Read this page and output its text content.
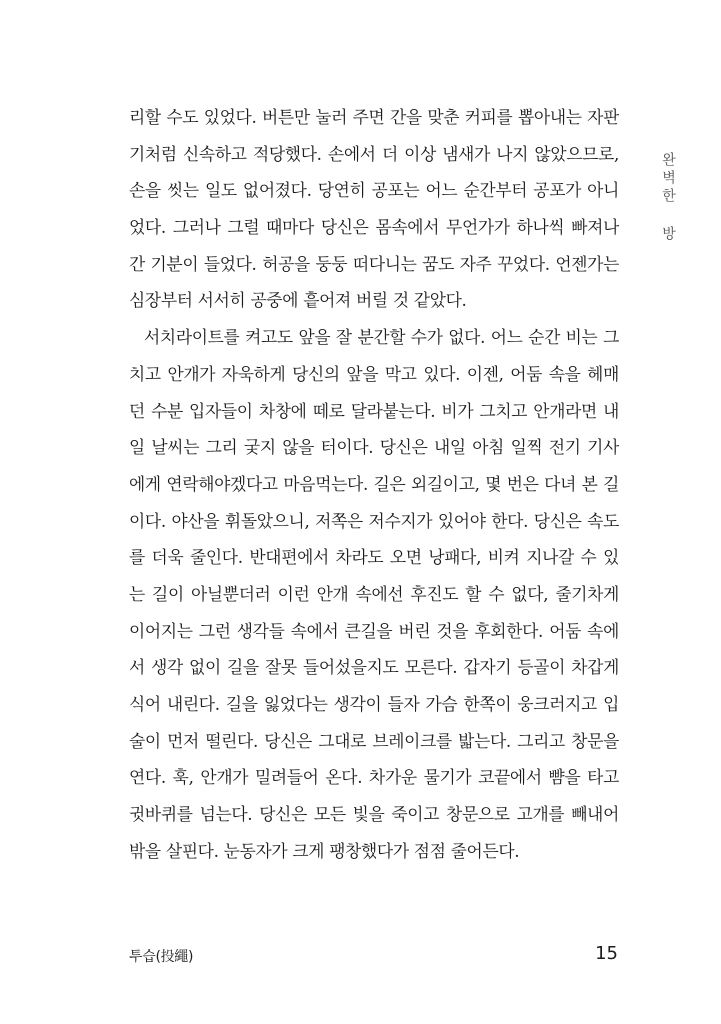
완벽한 방
리할 수도 있었다. 버튼만 눌러 주면 간을 맞춘 커피를 뽑아내는 자판
기처럼 신속하고 적당했다. 손에서 더 이상 냄새가 나지 않았으므로,
손을 씻는 일도 없어졌다. 당연히 공포는 어느 순간부터 공포가 아니
었다. 그러나 그럴 때마다 당신은 몸속에서 무언가가 하나씩 빠져나
간 기분이 들었다. 허공을 둥둥 떠다니는 꿈도 자주 꾸었다. 언젠가는
심장부터 서서히 공중에 흩어져 버릴 것 같았다.
서치라이트를 켜고도 앞을 잘 분간할 수가 없다. 어느 순간 비는 그
치고 안개가 자욱하게 당신의 앞을 막고 있다. 이젠, 어둠 속을 헤매
던 수분 입자들이 차창에 떼로 달라붙는다. 비가 그치고 안개라면 내
일 날씨는 그리 궂지 않을 터이다. 당신은 내일 아침 일찍 전기 기사
에게 연락해야겠다고 마음먹는다. 길은 외길이고, 몇 번은 다녀 본 길
이다. 야산을 휘돌았으니, 저쪽은 저수지가 있어야 한다. 당신은 속도
를 더욱 줄인다. 반대편에서 차라도 오면 낭패다, 비켜 지나갈 수 있
는 길이 아닐뿐더러 이런 안개 속에선 후진도 할 수 없다, 줄기차게
이어지는 그런 생각들 속에서 큰길을 버린 것을 후회한다. 어둠 속에
서 생각 없이 길을 잘못 들어섰을지도 모른다. 갑자기 등골이 차갑게
식어 내린다. 길을 잃었다는 생각이 들자 가슴 한쪽이 웅크러지고 입
술이 먼저 떨린다. 당신은 그대로 브레이크를 밟는다. 그리고 창문을
연다. 훅, 안개가 밀려들어 온다. 차가운 물기가 코끝에서 뺨을 타고
귓바퀴를 넘는다. 당신은 모든 빛을 죽이고 창문으로 고개를 빼내어
밖을 살핀다. 눈동자가 크게 팽창했다가 점점 줄어든다.
투습(投繩)	15
